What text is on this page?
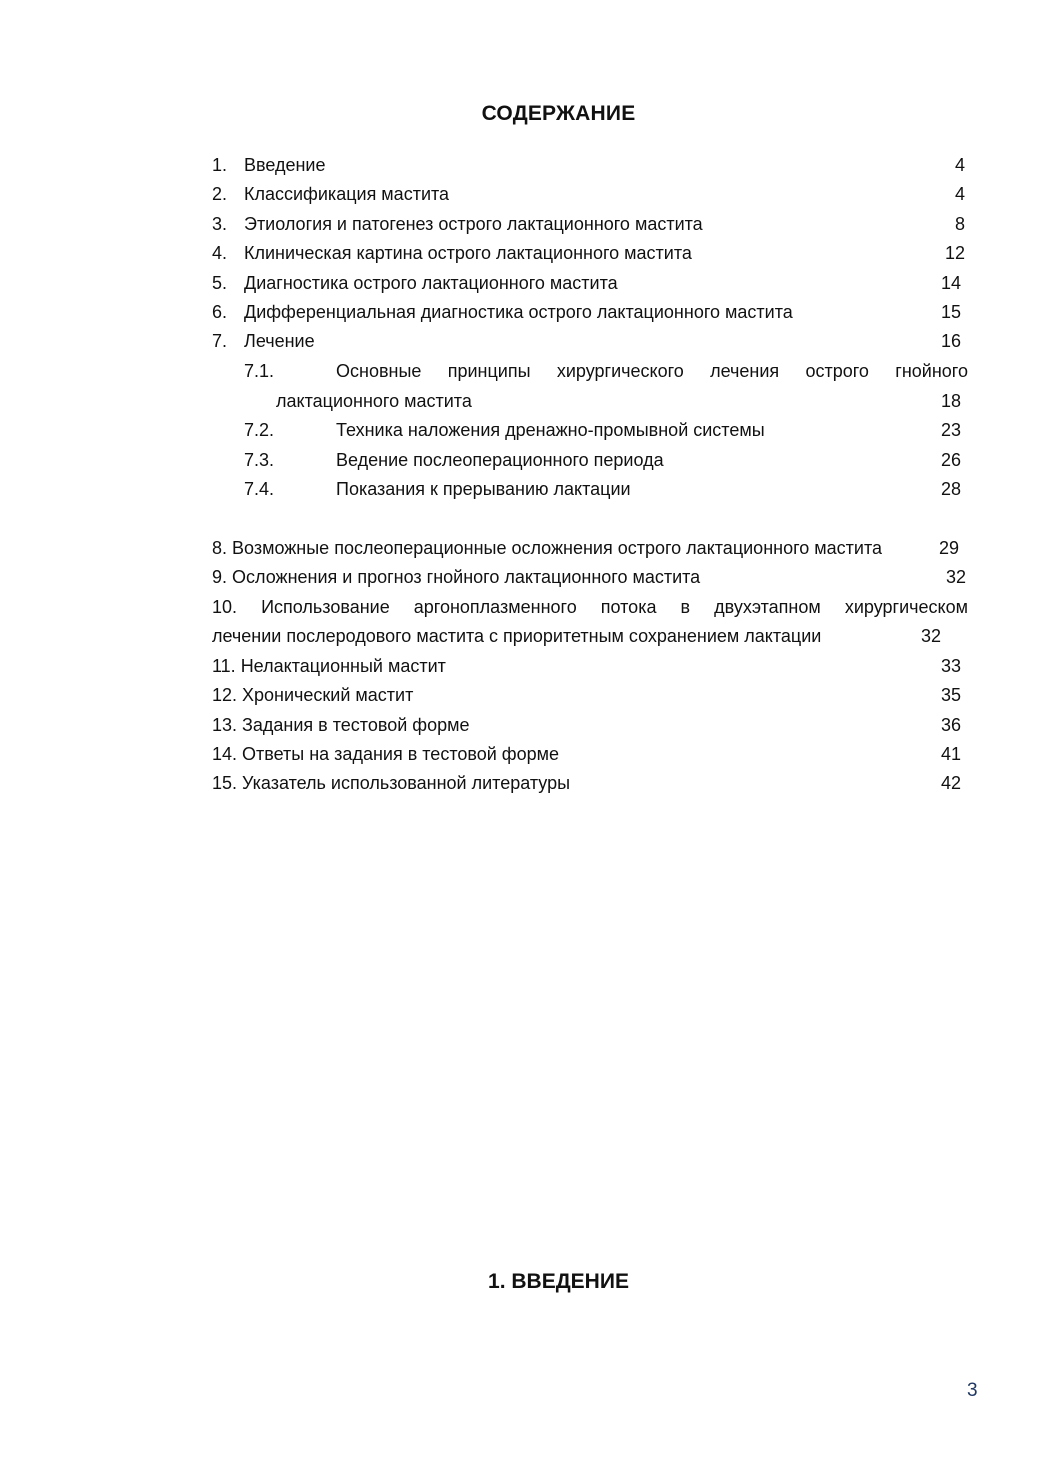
СОДЕРЖАНИЕ
1. Введение	4
2. Классификация мастита	4
3. Этиология и патогенез острого лактационного мастита	8
4. Клиническая картина острого лактационного мастита	12
5. Диагностика острого лактационного мастита	14
6. Дифференциальная диагностика острого лактационного мастита	15
7. Лечение	16
7.1.	Основные принципы хирургического лечения острого гнойного
лактационного мастита	18
7.2.	Техника наложения дренажно-промывной системы	23
7.3.	Ведение послеоперационного периода	26
7.4.	Показания к прерыванию лактации	28
8. Возможные послеоперационные осложнения острого лактационного мастита	29
9. Осложнения и прогноз гнойного лактационного мастита	32
10. Использование аргоноплазменного потока в двухэтапном хирургическом
лечении послеродового мастита с приоритетным сохранением лактации	32
11. Нелактационный мастит	33
12. Хронический мастит	35
13. Задания в тестовой форме	36
14. Ответы на задания в тестовой форме	41
15. Указатель использованной литературы	42
1. ВВЕДЕНИЕ
3
